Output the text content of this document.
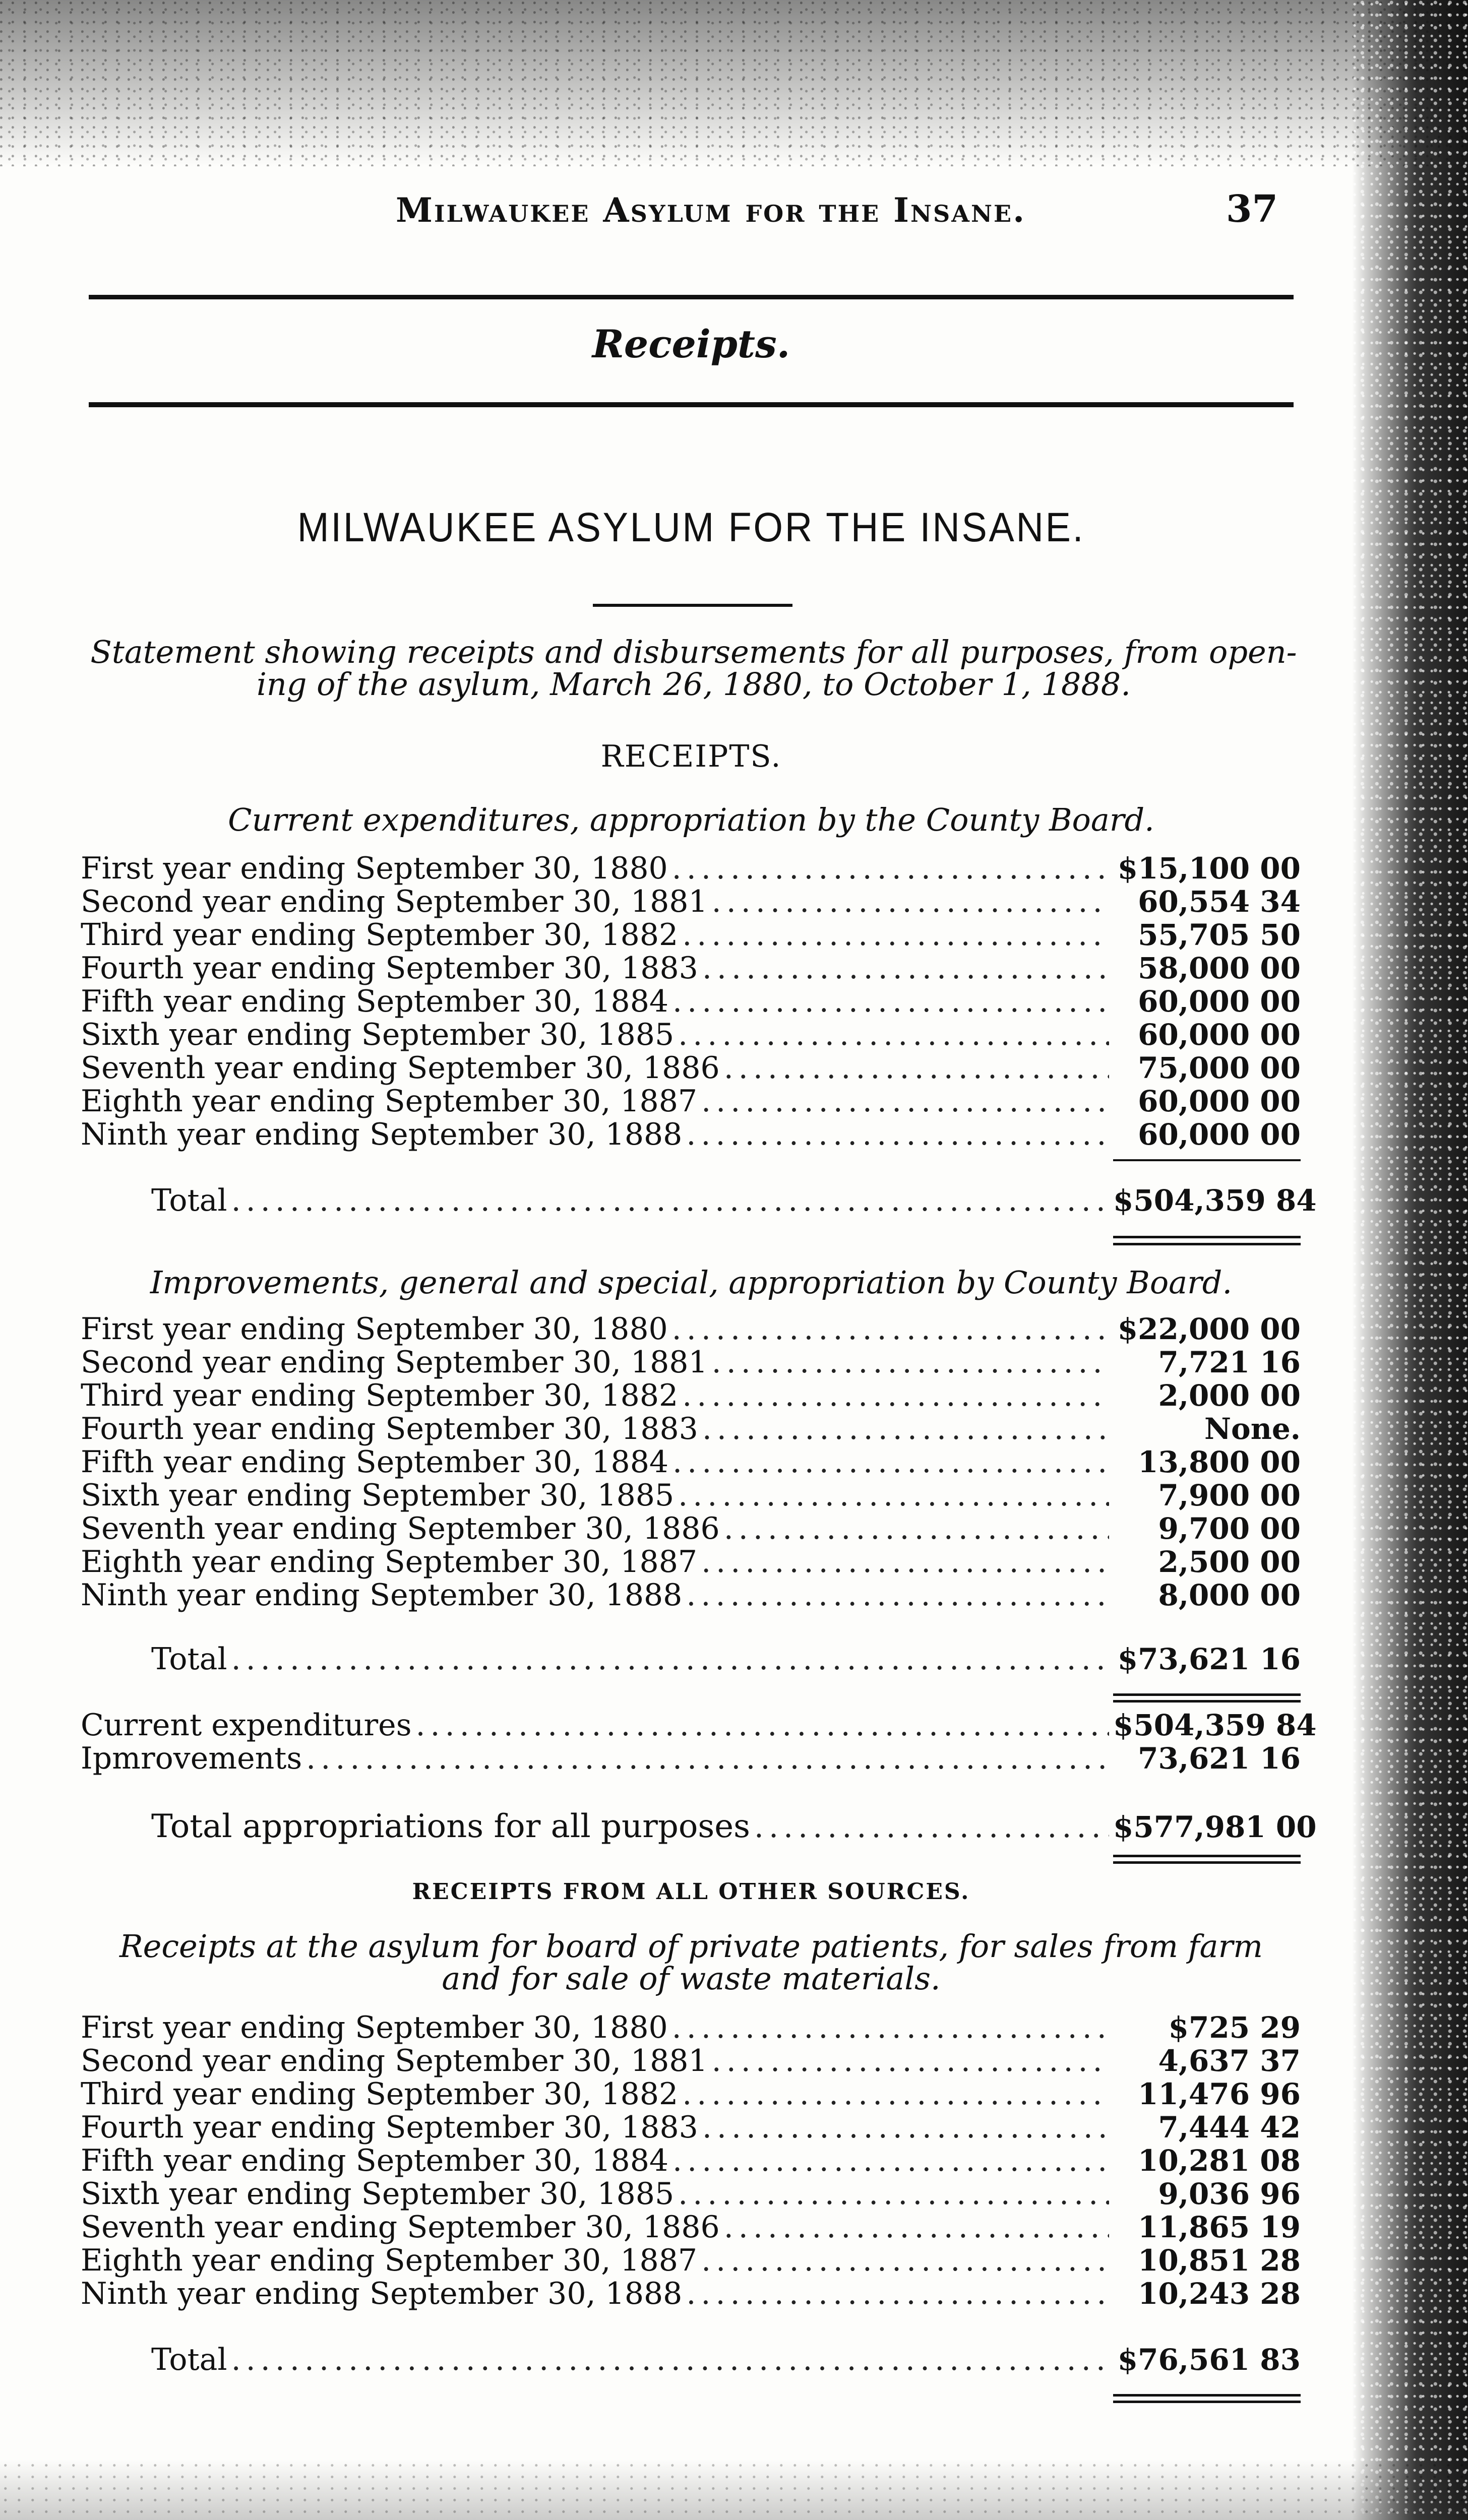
Milwaukee Asylum for the Insane.	37
Receipts.
MILWAUKEE ASYLUM FOR THE INSANE.
Statement showing receipts and disbursements for all purposes, from open-
ing of the asylum, March 26, 1880, to October 1, 1888.
RECEIPTS.
Current expenditures, appropriation by the County Board.
First year ending September 30, 1880 .....	$15,100 00
Second year ending September 30, 1881 .....	60,554 34
Third year ending September 30, 1882 .....	55,705 50
Fourth year ending September 30, 1883 .....	58,000 00
Fifth year ending September 30, 1884 .....	60,000 00
Sixth year ending September 30, 1885 .....	60,000 00
Seventh year ending September 30, 1886 .....	75,000 00
Eighth year ending September 30, 1887 .....	60,000 00
Ninth year ending September 30, 1888 .....	60,000 00
Total .....	$504,359 84
Improvements, general and special, appropriation by County Board.
First year ending September 30, 1880 .....	$22,000 00
Second year ending September 30, 1881 .....	7,721 16
Third year ending September 30, 1882 .....	2,000 00
Fourth year ending September 30, 1883 .....	None.
Fifth year ending September 30, 1884 .....	13,800 00
Sixth year ending September 30, 1885 .....	7,900 00
Seventh year ending September 30, 1886 .....	9,700 00
Eighth year ending September 30, 1887 .....	2,500 00
Ninth year ending September 30, 1888 .....	8,000 00
Total .....	$73,621 16
Current expenditures .....	$504,359 84
Ipmrovements .....	73,621 16
Total appropriations for all purposes .....	$577,981 00
RECEIPTS FROM ALL OTHER SOURCES.
Receipts at the asylum for board of private patients, for sales from farm
and for sale of waste materials.
First year ending September 30, 1880 .....	$725 29
Second year ending September 30, 1881 .....	4,637 37
Third year ending September 30, 1882 .....	11,476 96
Fourth year ending September 30, 1883 .....	7,444 42
Fifth year ending September 30, 1884 .....	10,281 08
Sixth year ending September 30, 1885 .....	9,036 96
Seventh year ending September 30, 1886 .....	11,865 19
Eighth year ending September 30, 1887 .....	10,851 28
Ninth year ending September 30, 1888 .....	10,243 28
Total .....	$76,561 83
